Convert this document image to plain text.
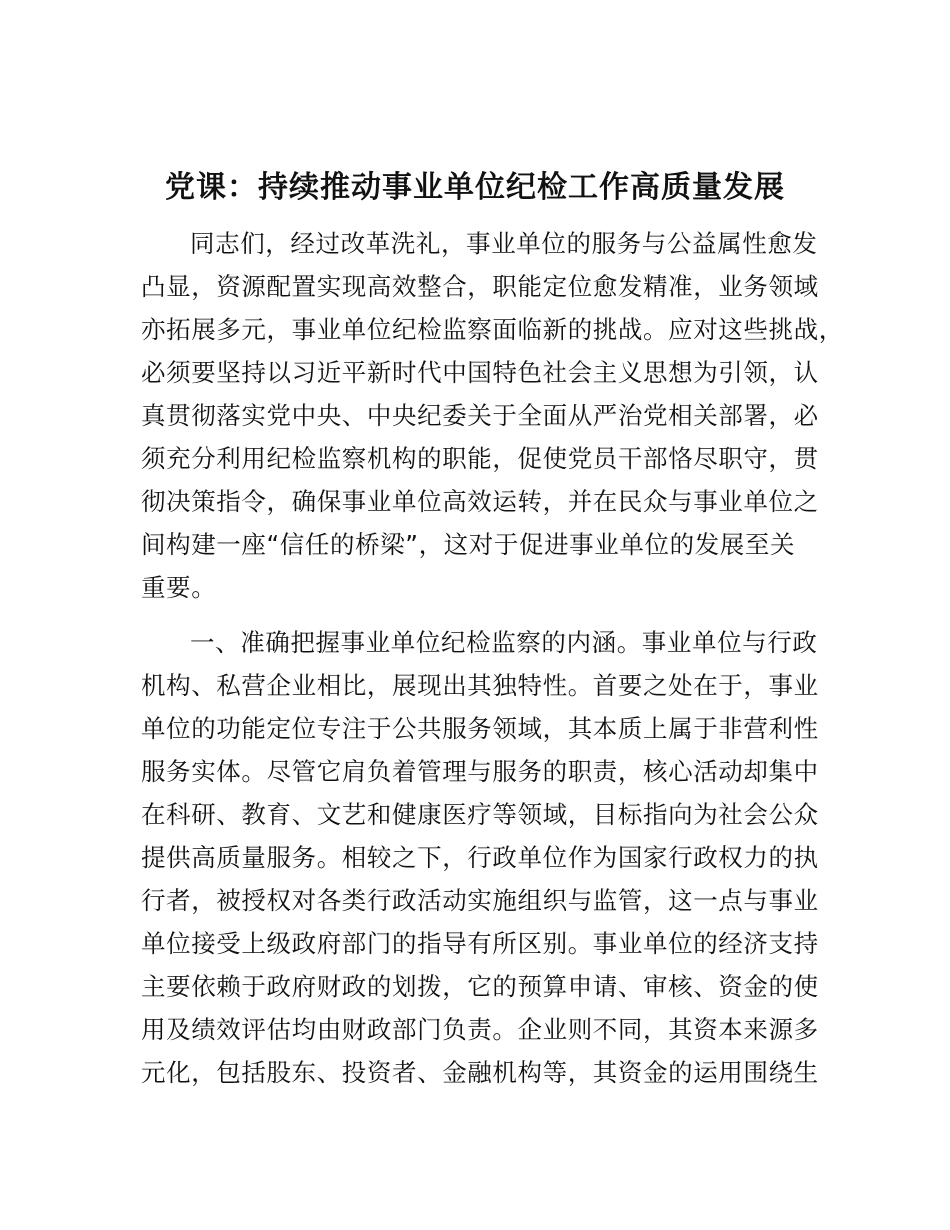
党课：持续推动事业单位纪检工作高质量发展
同志们，经过改革洗礼，事业单位的服务与公益属性愈发
凸显，资源配置实现高效整合，职能定位愈发精准，业务领域
亦拓展多元，事业单位纪检监察面临新的挑战。应对这些挑战，
必须要坚持以习近平新时代中国特色社会主义思想为引领，认
真贯彻落实党中央、中央纪委关于全面从严治党相关部署，必
须充分利用纪检监察机构的职能，促使党员干部恪尽职守，贯
彻决策指令，确保事业单位高效运转，并在民众与事业单位之
间构建一座“信任的桥梁”，这对于促进事业单位的发展至关
重要。
一、准确把握事业单位纪检监察的内涵。事业单位与行政
机构、私营企业相比，展现出其独特性。首要之处在于，事业
单位的功能定位专注于公共服务领域，其本质上属于非营利性
服务实体。尽管它肩负着管理与服务的职责，核心活动却集中
在科研、教育、文艺和健康医疗等领域，目标指向为社会公众
提供高质量服务。相较之下，行政单位作为国家行政权力的执
行者，被授权对各类行政活动实施组织与监管，这一点与事业
单位接受上级政府部门的指导有所区别。事业单位的经济支持
主要依赖于政府财政的划拨，它的预算申请、审核、资金的使
用及绩效评估均由财政部门负责。企业则不同，其资本来源多
元化，包括股东、投资者、金融机构等，其资金的运用围绕生
